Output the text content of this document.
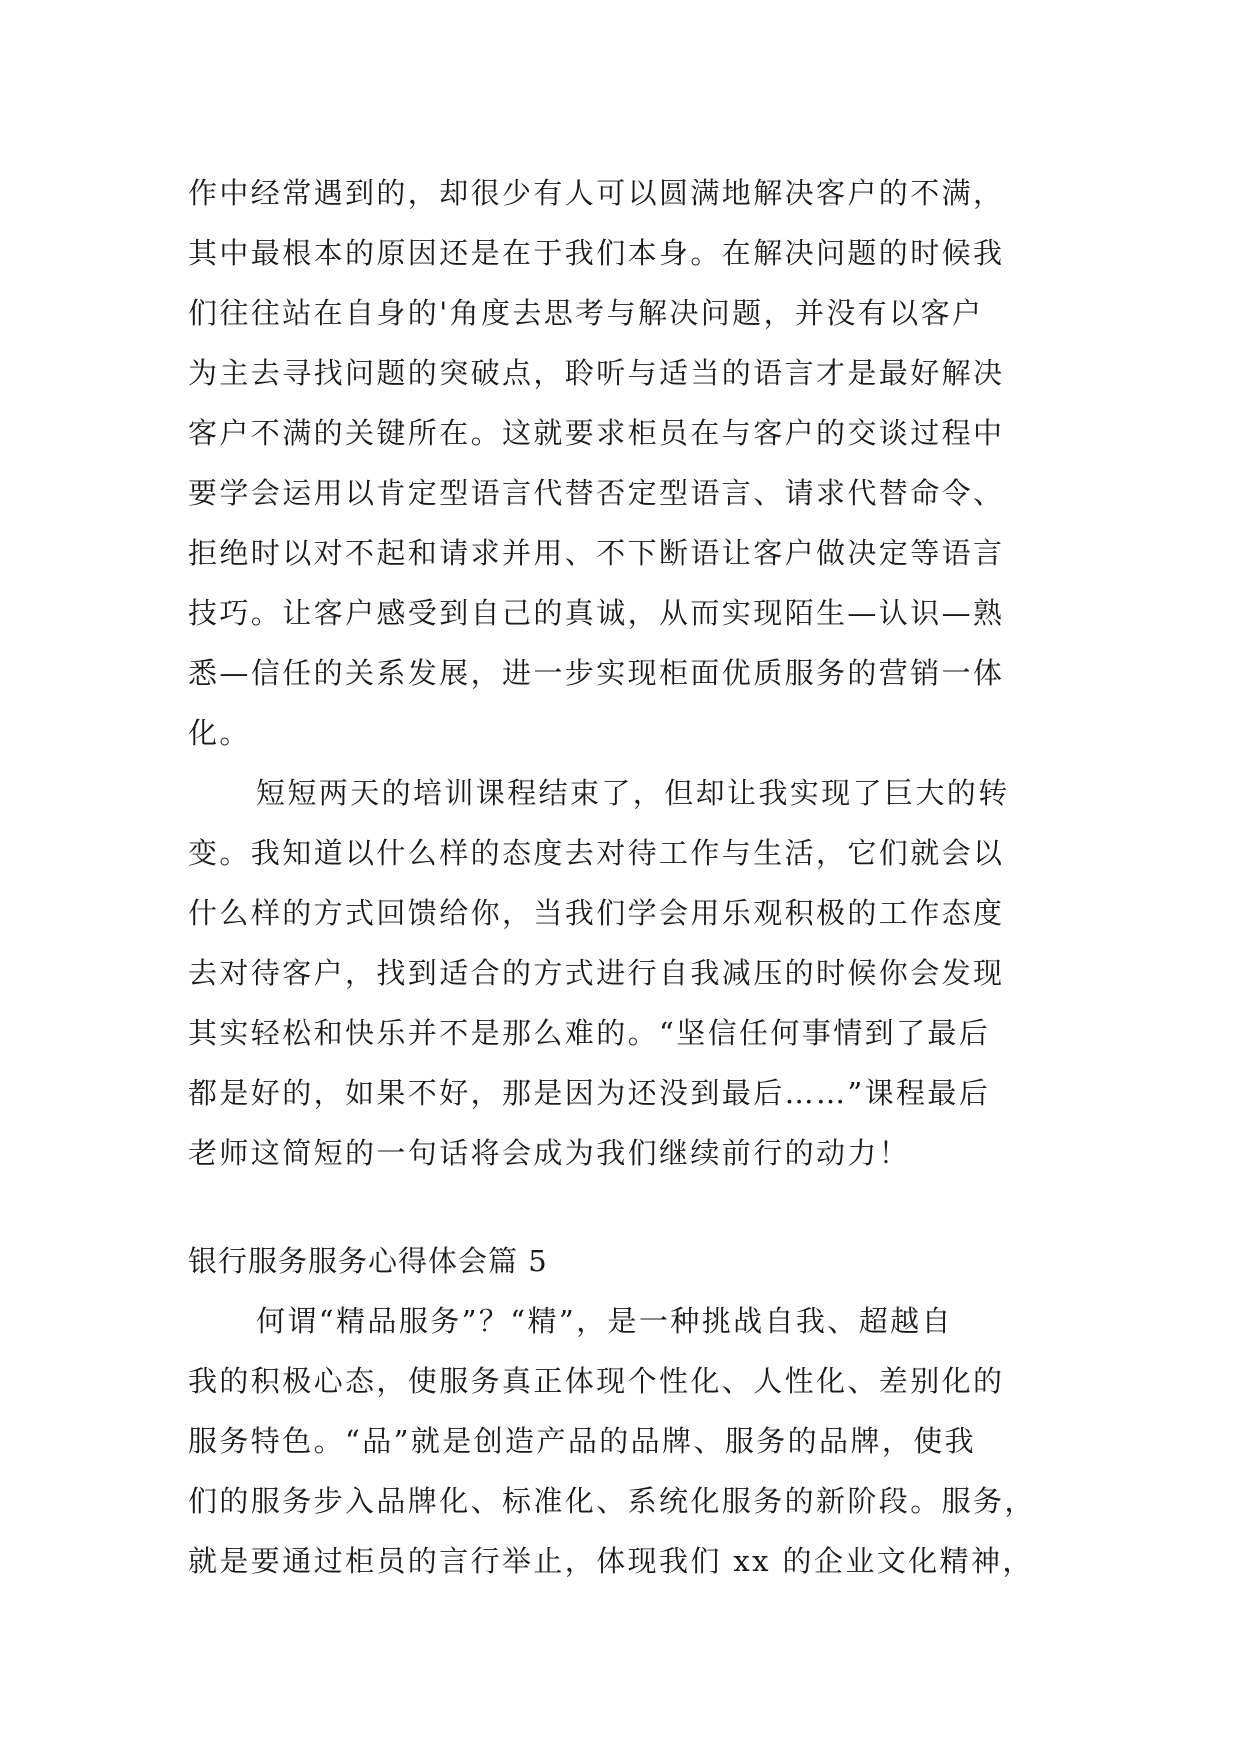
作中经常遇到的，却很少有人可以圆满地解决客户的不满，
其中最根本的原因还是在于我们本身。在解决问题的时候我
们往往站在自身的'角度去思考与解决问题，并没有以客户
为主去寻找问题的突破点，聆听与适当的语言才是最好解决
客户不满的关键所在。这就要求柜员在与客户的交谈过程中
要学会运用以肯定型语言代替否定型语言、请求代替命令、
拒绝时以对不起和请求并用、不下断语让客户做决定等语言
技巧。让客户感受到自己的真诚，从而实现陌生—认识—熟
悉—信任的关系发展，进一步实现柜面优质服务的营销一体
化。
短短两天的培训课程结束了，但却让我实现了巨大的转
变。我知道以什么样的态度去对待工作与生活，它们就会以
什么样的方式回馈给你，当我们学会用乐观积极的工作态度
去对待客户，找到适合的方式进行自我减压的时候你会发现
其实轻松和快乐并不是那么难的。“坚信任何事情到了最后
都是好的，如果不好，那是因为还没到最后……”课程最后
老师这简短的一句话将会成为我们继续前行的动力！
银行服务服务心得体会篇 5
何谓“精品服务”？“精”，是一种挑战自我、超越自
我的积极心态，使服务真正体现个性化、人性化、差别化的
服务特色。“品”就是创造产品的品牌、服务的品牌，使我
们的服务步入品牌化、标准化、系统化服务的新阶段。服务，
就是要通过柜员的言行举止，体现我们 xx 的企业文化精神，
